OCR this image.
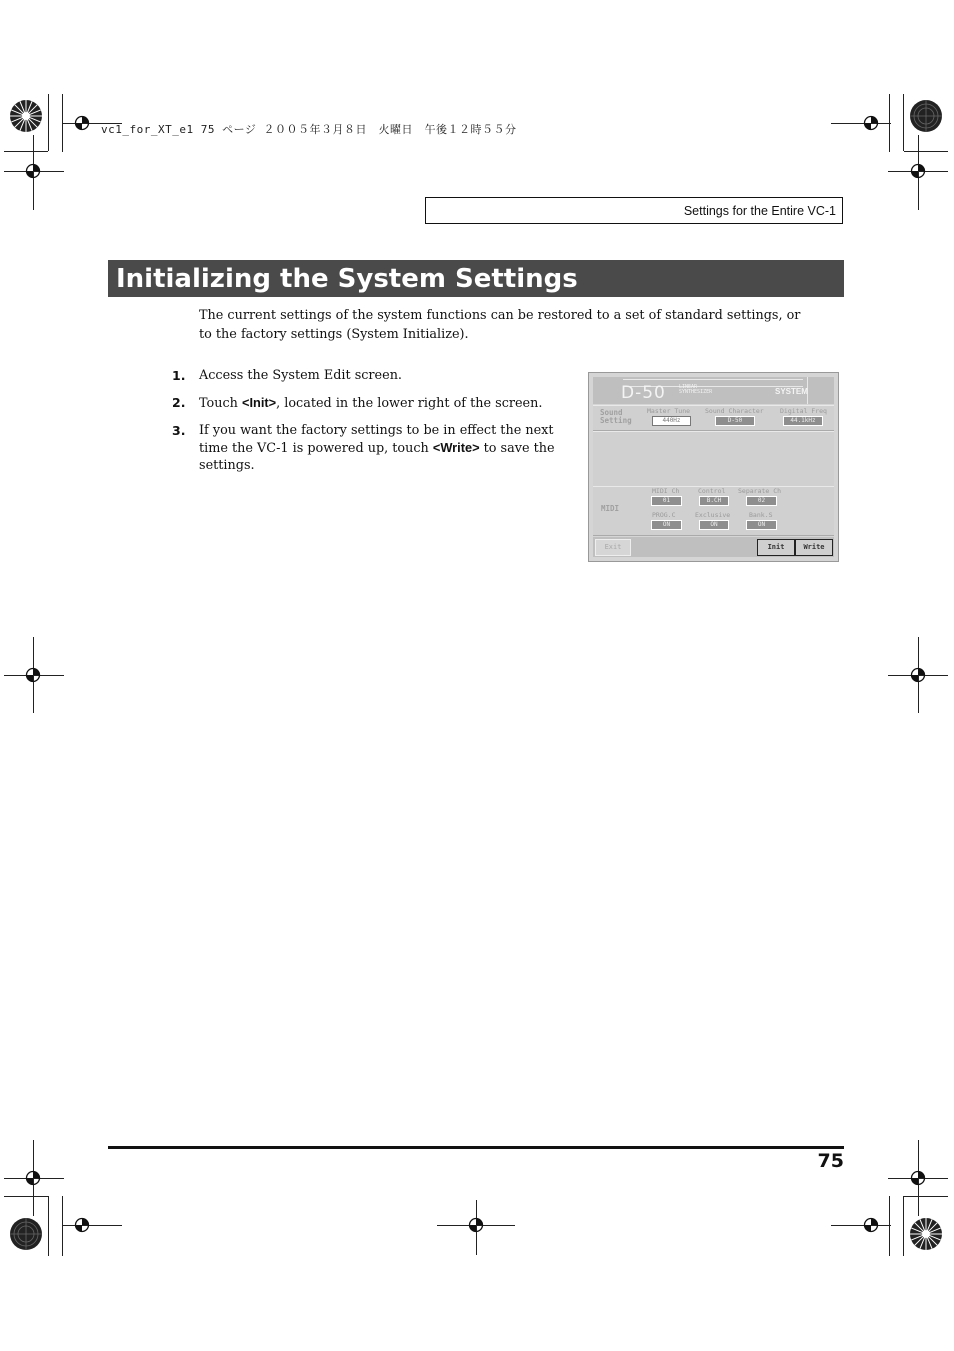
vc1_for_XT_e1 75 ページ ２００５年３月８日　火曜日　午後１２時５５分
Settings for the Entire VC-1
Initializing the System Settings
The current settings of the system functions can be restored to a set of standard settings, or to the factory settings (System Initialize).
1. Access the System Edit screen.
2. Touch <Init>, located in the lower right of the screen.
3. If you want the factory settings to be in effect the next time the VC-1 is powered up, touch <Write> to save the settings.
D-50	LINEAR SYNTHESIZER	SYSTEM
Sound Setting
Master Tune
440Hz
Sound Character
D-50
Digital Freq
44.1kHz
MIDI
MIDI Ch
01
Control
B.CH
Separate Ch
02
PROG.C
ON
Exclusive
ON
Bank.S
ON
Exit	Init	Write
75
